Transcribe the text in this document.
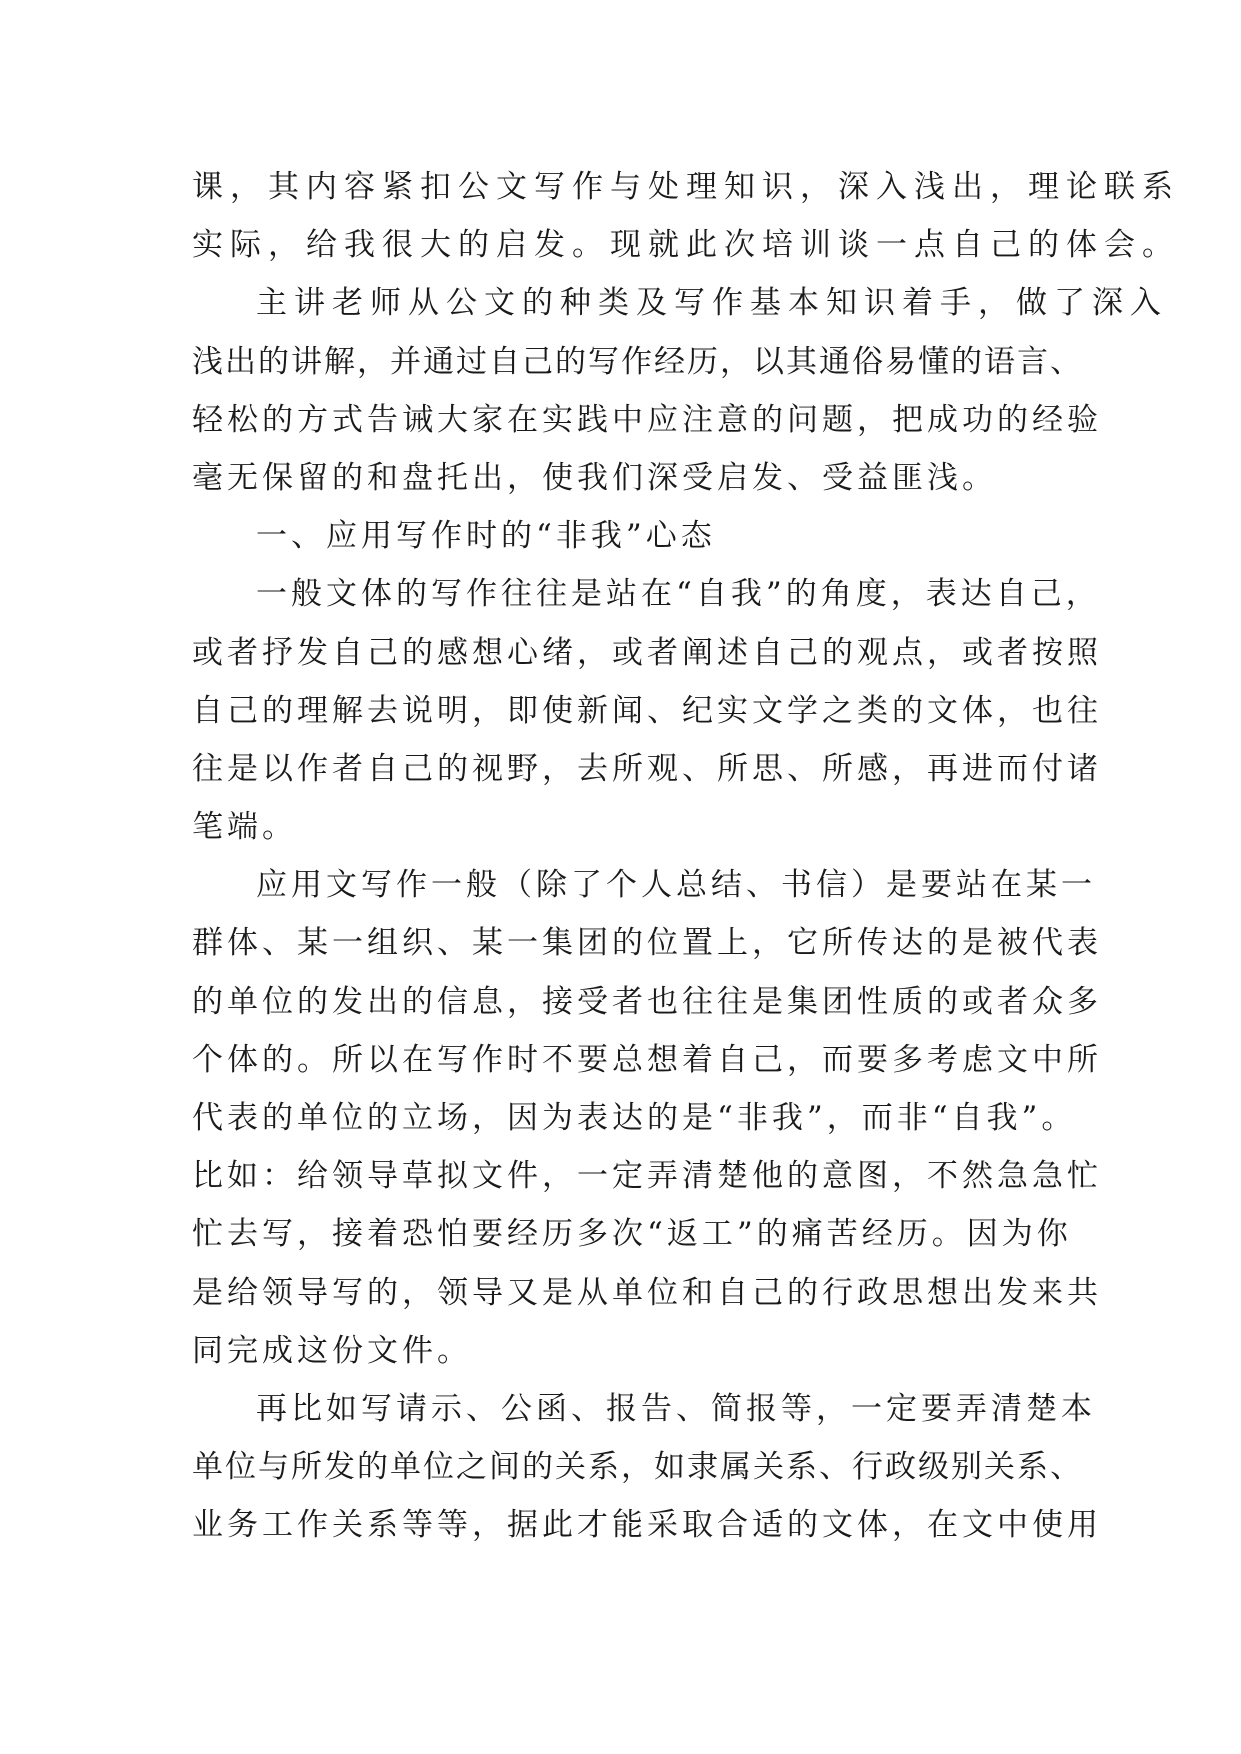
课，其内容紧扣公文写作与处理知识，深入浅出，理论联系
实际，给我很大的启发。现就此次培训谈一点自己的体会。
主讲老师从公文的种类及写作基本知识着手，做了深入
浅出的讲解，并通过自己的写作经历，以其通俗易懂的语言、
轻松的方式告诫大家在实践中应注意的问题，把成功的经验
毫无保留的和盘托出，使我们深受启发、受益匪浅。
一、应用写作时的“非我”心态
一般文体的写作往往是站在“自我”的角度，表达自己，
或者抒发自己的感想心绪，或者阐述自己的观点，或者按照
自己的理解去说明，即使新闻、纪实文学之类的文体，也往
往是以作者自己的视野，去所观、所思、所感，再进而付诸
笔端。
应用文写作一般（除了个人总结、书信）是要站在某一
群体、某一组织、某一集团的位置上，它所传达的是被代表
的单位的发出的信息，接受者也往往是集团性质的或者众多
个体的。所以在写作时不要总想着自己，而要多考虑文中所
代表的单位的立场，因为表达的是“非我”，而非“自我”。
比如：给领导草拟文件，一定弄清楚他的意图，不然急急忙
忙去写，接着恐怕要经历多次“返工”的痛苦经历。因为你
是给领导写的，领导又是从单位和自己的行政思想出发来共
同完成这份文件。
再比如写请示、公函、报告、简报等，一定要弄清楚本
单位与所发的单位之间的关系，如隶属关系、行政级别关系、
业务工作关系等等，据此才能采取合适的文体，在文中使用
